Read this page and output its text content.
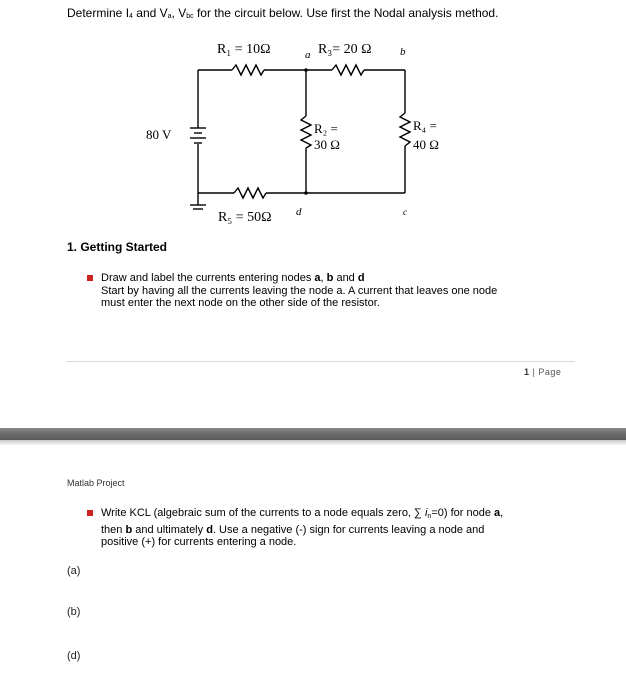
Determine I4 and Va, Vbc for the circuit below. Use first the Nodal analysis method.
R₁ = 10Ω	a R₃= 20 Ω	b
80 V	R₂ =
30 Ω
R₄ =
40 Ω
R₅ = 50Ω d	c
1. Getting Started
Draw and label the currents entering nodes a, b and d
Start by having all the currents leaving the node a. A current that leaves one node
must enter the next node on the other side of the resistor.
1 | Page
Matlab Project
Write KCL (algebraic sum of the currents to a node equals zero, ∑ in=0) for node a,
then b and ultimately d. Use a negative (-) sign for currents leaving a node and
positive (+) for currents entering a node.
(a)
(b)
(d)
